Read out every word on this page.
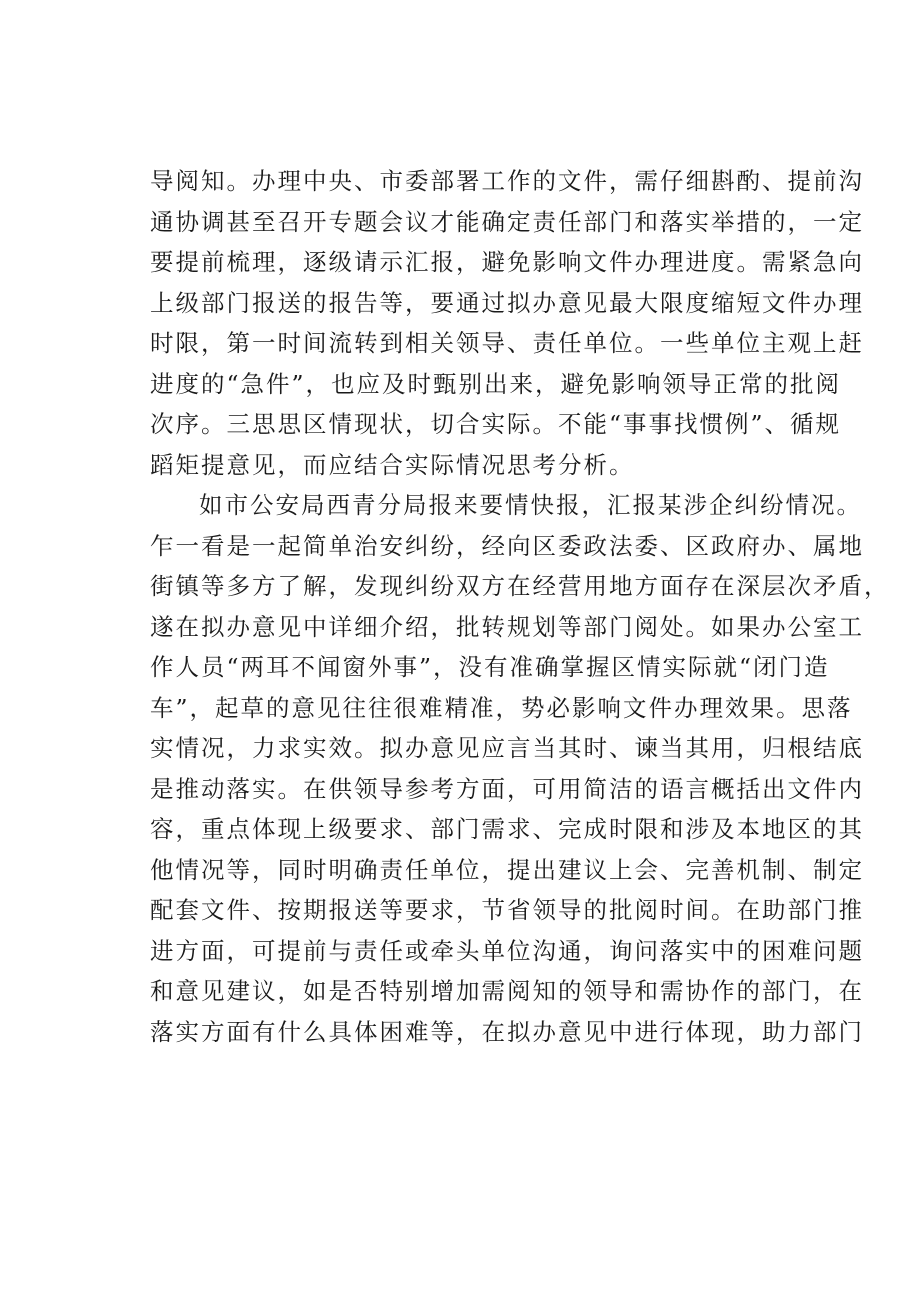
导阅知。办理中央、市委部署工作的文件，需仔细斟酌、提前沟
通协调甚至召开专题会议才能确定责任部门和落实举措的，一定
要提前梳理，逐级请示汇报，避免影响文件办理进度。需紧急向
上级部门报送的报告等，要通过拟办意见最大限度缩短文件办理
时限，第一时间流转到相关领导、责任单位。一些单位主观上赶
进度的“急件”，也应及时甄别出来，避免影响领导正常的批阅
次序。三思思区情现状，切合实际。不能“事事找惯例”、循规
蹈矩提意见，而应结合实际情况思考分析。
如市公安局西青分局报来要情快报，汇报某涉企纠纷情况。
乍一看是一起简单治安纠纷，经向区委政法委、区政府办、属地
街镇等多方了解，发现纠纷双方在经营用地方面存在深层次矛盾，
遂在拟办意见中详细介绍，批转规划等部门阅处。如果办公室工
作人员“两耳不闻窗外事”，没有准确掌握区情实际就“闭门造
车”，起草的意见往往很难精准，势必影响文件办理效果。思落
实情况，力求实效。拟办意见应言当其时、谏当其用，归根结底
是推动落实。在供领导参考方面，可用简洁的语言概括出文件内
容，重点体现上级要求、部门需求、完成时限和涉及本地区的其
他情况等，同时明确责任单位，提出建议上会、完善机制、制定
配套文件、按期报送等要求，节省领导的批阅时间。在助部门推
进方面，可提前与责任或牵头单位沟通，询问落实中的困难问题
和意见建议，如是否特别增加需阅知的领导和需协作的部门，在
落实方面有什么具体困难等，在拟办意见中进行体现，助力部门
